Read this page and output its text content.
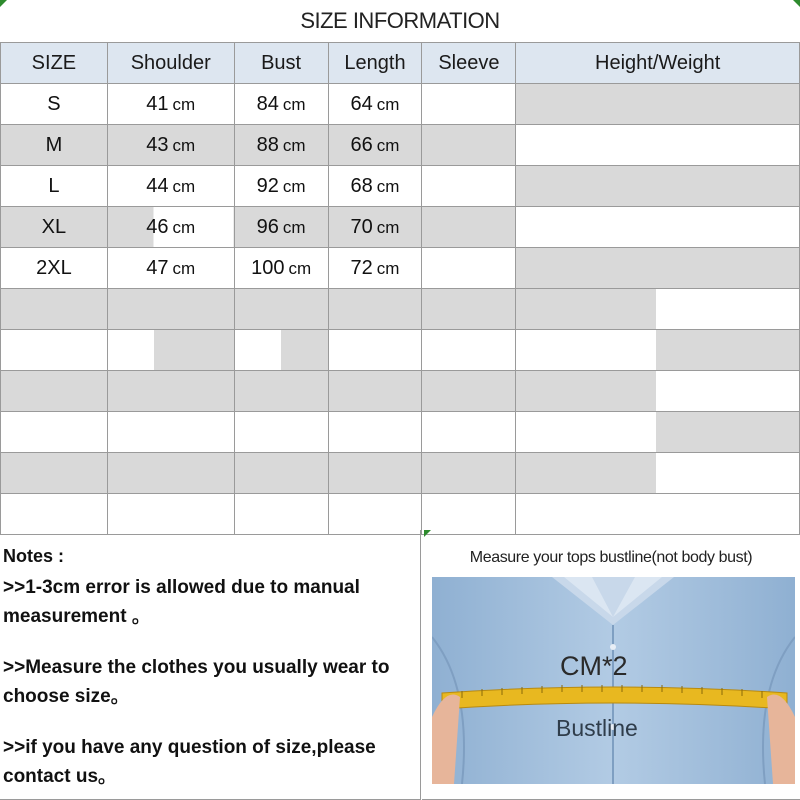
SIZE INFORMATION
SIZE	Shoulder	Bust	Length	Sleeve	Height/Weight
S	41 cm	84 cm	64 cm		
M	43 cm	88 cm	66 cm		
L	44 cm	92 cm	68 cm		
XL	46 cm	96 cm	70 cm		
2XL	47 cm	100 cm	72 cm		

Notes :

>>1-3cm error is allowed due to manual measurement 。

>>Measure the clothes you usually wear to choose size。

>>if you have any question of size,please contact us。

Measure your tops bustline(not body bust)
CM*2
Bustline
